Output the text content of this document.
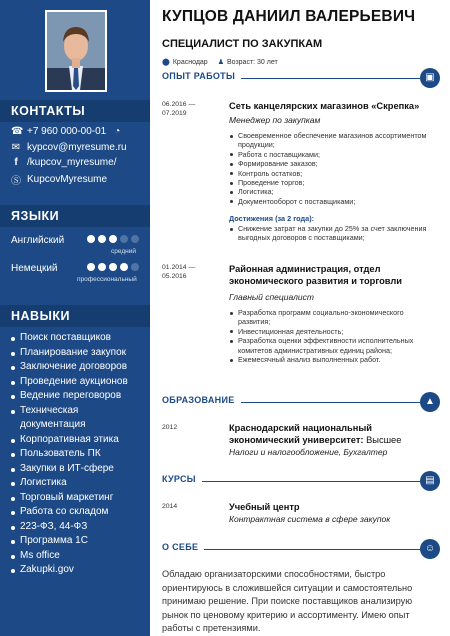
КОНТАКТЫ
☎ +7 960 000-00-01 ◔
✉ kypcov@myresume.ru
f /kupcov_myresume/
Ⓢ KupcovMyresume
ЯЗЫКИ
Английский
средний
Немецкий
профессиональный
НАВЫКИ
Поиск поставщиков
Планирование закупок
Заключение договоров
Проведение аукционов
Ведение переговоров
Техническая документация
Корпоративная этика
Пользователь ПК
Закупки в ИТ-сфере
Логистика
Торговый маркетинг
Работа со складом
223-ФЗ, 44-ФЗ
Программа 1С
Ms office
Zakupki.gov
КУПЦОВ ДАНИИЛ ВАЛЕРЬЕВИЧ
СПЕЦИАЛИСТ ПО ЗАКУПКАМ
⬤ Краснодар ♟ Возраст: 30 лет
ОПЫТ РАБОТЫ	▣
06.2016 —
07.2019
Сеть канцелярских магазинов «Скрепка»
Менеджер по закупкам
Своевременное обеспечение магазинов ассортиментом продукции;
Работа с поставщиками;
Формирование заказов;
Контроль остатков;
Проведение торгов;
Логистика;
Документооборот с поставщиками;
Достижения (за 2 года):
Снижение затрат на закупки до 25% за счет заключения выгодных договоров с поставщиками;
01.2014 —
05.2016
Районная администрация, отдел экономического развития и торговли
Главный специалист
Разработка программ социально-экономического развития;
Инвестиционная деятельность;
Разработка оценки эффективности исполнительных комитетов административных единиц района;
Ежемесячный анализ выполненных работ.
ОБРАЗОВАНИЕ	▲
2012	Краснодарский национальный экономический университет: Высшее
Налоги и налогообложение, Бухгалтер
КУРСЫ	▤
2014	Учебный центр
Контрактная система в сфере закупок
О СЕБЕ	☺
Обладаю организаторскими способностями, быстро ориентируюсь в сложившейся ситуации и самостоятельно принимаю решение. При поиске поставщиков анализирую рынок по ценовому критерию и ассортименту. Имею опыт работы с претензиями.
